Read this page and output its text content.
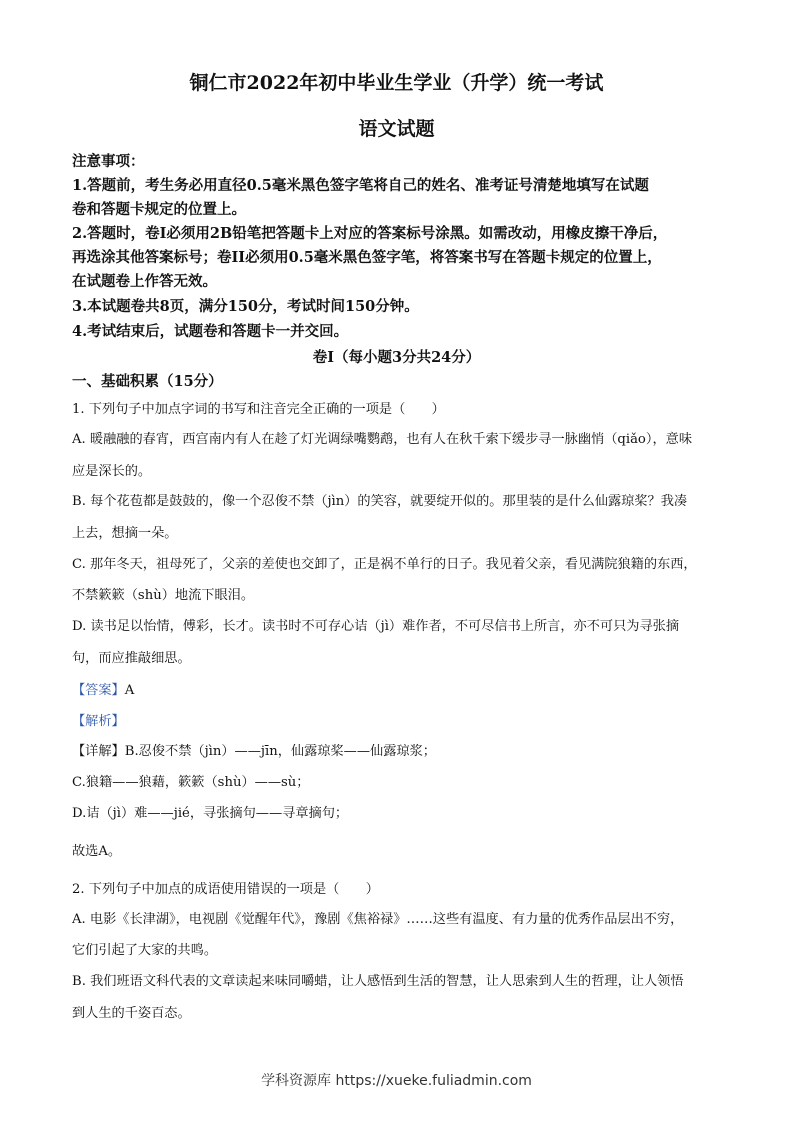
铜仁市2022年初中毕业生学业（升学）统一考试
语文试题
注意事项：
1.答题前，考生务必用直径0.5毫米黑色签字笔将自己的姓名、准考证号清楚地填写在试题
卷和答题卡规定的位置上。
2.答题时，卷I必须用2B铅笔把答题卡上对应的答案标号涂黑。如需改动，用橡皮擦干净后，
再选涂其他答案标号；卷II必须用0.5毫米黑色签字笔，将答案书写在答题卡规定的位置上，
在试题卷上作答无效。
3.本试题卷共8页，满分150分，考试时间150分钟。
4.考试结束后，试题卷和答题卡一并交回。
卷I（每小题3分共24分）
一、基础积累（15分）
1. 下列句子中加点字词的书写和注音完全正确的一项是（　　）
A. 暖融融的春宵，西宫南内有人在趁了灯光调绿嘴鹦鹉，也有人在秋千索下缓步寻一脉幽悄（qiǎo），意味
应是深长的。
B. 每个花苞都是鼓鼓的，像一个忍俊不禁（jìn）的笑容，就要绽开似的。那里装的是什么仙露琼桨？我凑
上去，想摘一朵。
C. 那年冬天，祖母死了，父亲的差使也交卸了，正是祸不单行的日子。我见着父亲，看见满院狼籍的东西，
不禁簌簌（shù）地流下眼泪。
D. 读书足以怡情，傅彩，长才。读书时不可存心诘（jì）难作者，不可尽信书上所言，亦不可只为寻张摘
句，而应推敲细思。
【答案】A
【解析】
【详解】B.忍俊不禁（jìn）——jīn，仙露琼桨——仙露琼浆；
C.狼籍——狼藉，簌簌（shù）——sù；
D.诘（jì）难——jié，寻张摘句——寻章摘句；
故选A。
2. 下列句子中加点的成语使用错误的一项是（　　）
A. 电影《长津湖》，电视剧《觉醒年代》，豫剧《焦裕禄》……这些有温度、有力量的优秀作品层出不穷，
它们引起了大家的共鸣。
B. 我们班语文科代表的文章读起来味同嚼蜡，让人感悟到生活的智慧，让人思索到人生的哲理，让人领悟
到人生的千姿百态。
学科资源库 https://xueke.fuliadmin.com
